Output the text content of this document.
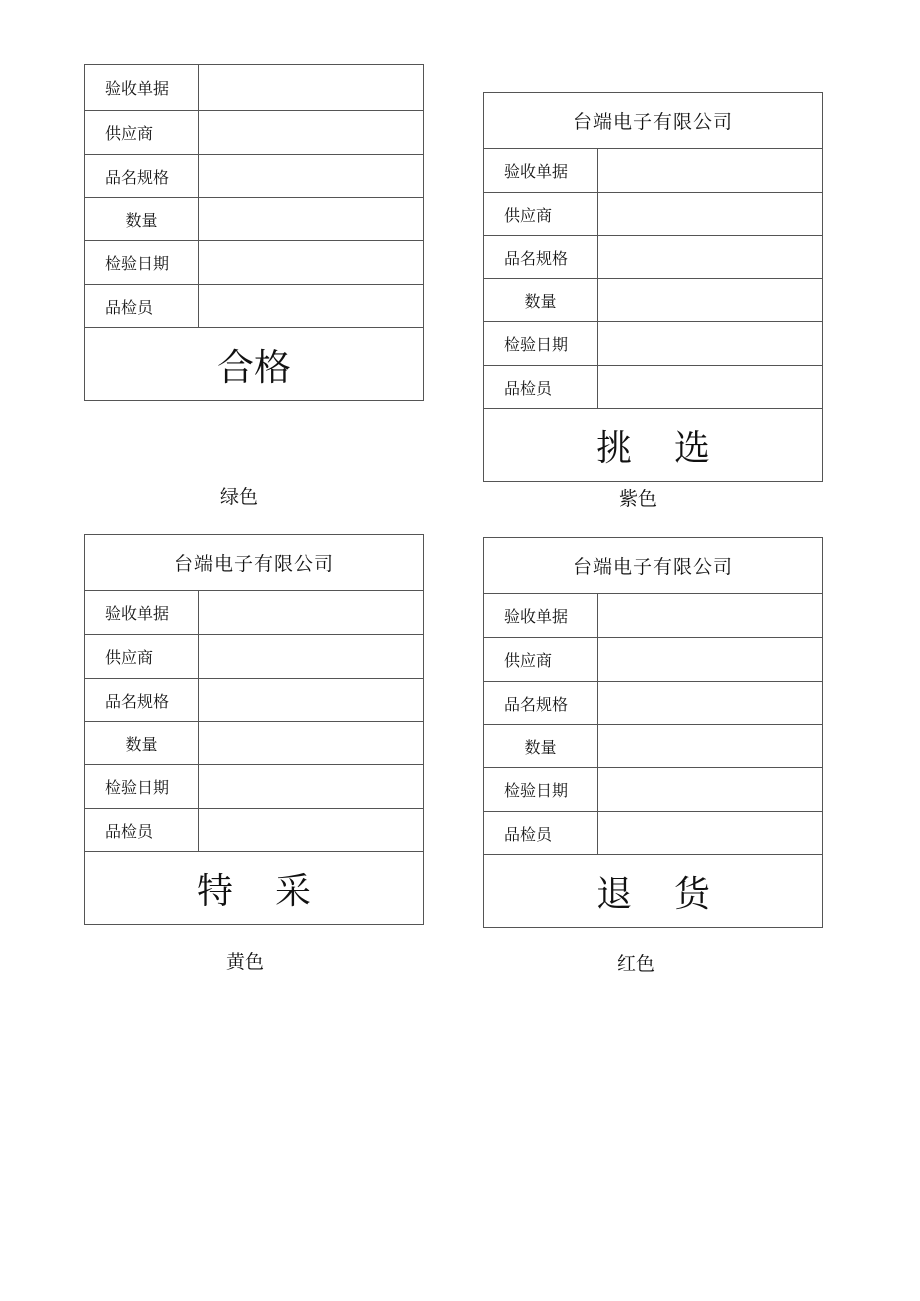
验收单据
供应商
品名规格
数量
检验日期
品检员
合格
绿色
台端电子有限公司
验收单据
供应商
品名规格
数量
检验日期
品检员
挑 选
紫色
台端电子有限公司
验收单据
供应商
品名规格
数量
检验日期
品检员
特 采
黄色
台端电子有限公司
验收单据
供应商
品名规格
数量
检验日期
品检员
退 货
红色
